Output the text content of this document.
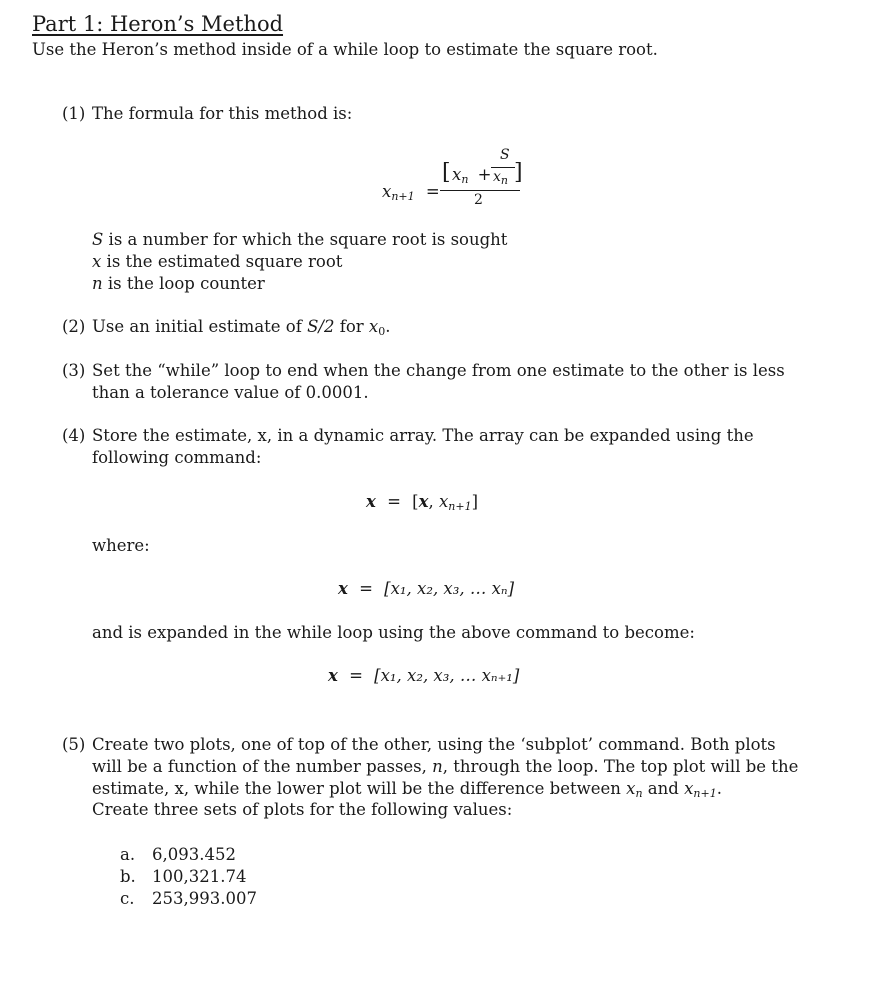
Part 1: Heron’s Method
Use the Heron’s method inside of a while loop to estimate the square root.
(1) The formula for this method is:
$x_{n+1}$ =
[ $x_n$ +
S
$x_n$ ]
2
S is a number for which the square root is sought
x is the estimated square root
n is the loop counter
(2) Use an initial estimate of S/2 for $x_0$.
(3) Set the “while” loop to end when the change from one estimate to the other is less
than a tolerance value of 0.0001.
(4) Store the estimate, x, in a dynamic array. The array can be expanded using the
following command:
x = [x, $x_{n+1}$]
where:
x = [x₁, x₂, x₃, … xₙ]
and is expanded in the while loop using the above command to become:
x = [x₁, x₂, x₃, … xₙ₊₁]
(5) Create two plots, one of top of the other, using the ‘subplot’ command. Both plots
will be a function of the number passes, n, through the loop. The top plot will be the
estimate, x, while the lower plot will be the difference between $x_n$ and $x_{n+1}$.
Create three sets of plots for the following values:
a. 6,093.452
b. 100,321.74
c. 253,993.007
